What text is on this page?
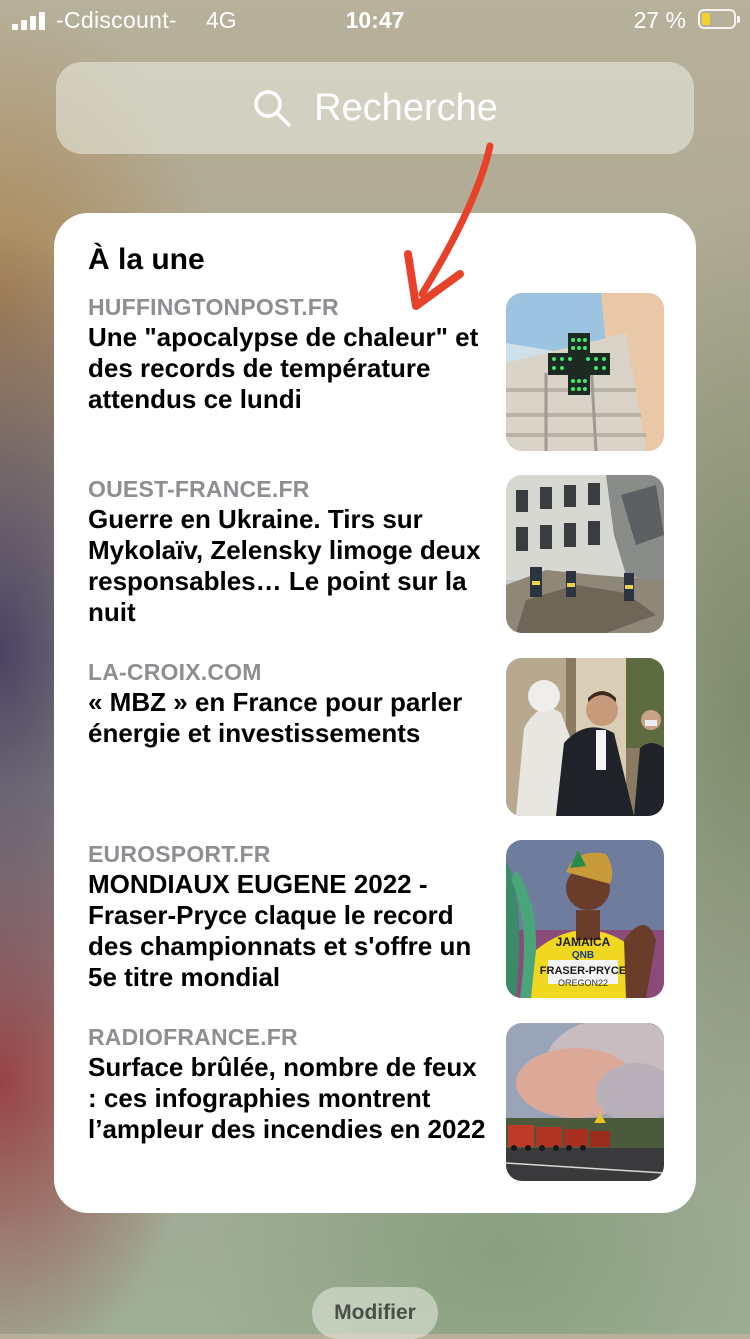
-Cdiscount- 4G	10:47	27 %
Recherche
À la une
HUFFINGTONPOST.FR
Une "apocalypse de chaleur" et des records de température attendus ce lundi
OUEST-FRANCE.FR
Guerre en Ukraine. Tirs sur Mykolaïv, Zelensky limoge deux responsables… Le point sur la nuit
LA-CROIX.COM
« MBZ » en France pour parler énergie et investissements
EUROSPORT.FR
MONDIAUX EUGENE 2022 - Fraser-Pryce claque le record des championnats et s'offre un 5e titre mondial
JAMAICA
QNB
FRASER-PRYCE
OREGON22
RADIOFRANCE.FR
Surface brûlée, nombre de feux : ces infographies montrent l’ampleur des incendies en 2022
Modifier
